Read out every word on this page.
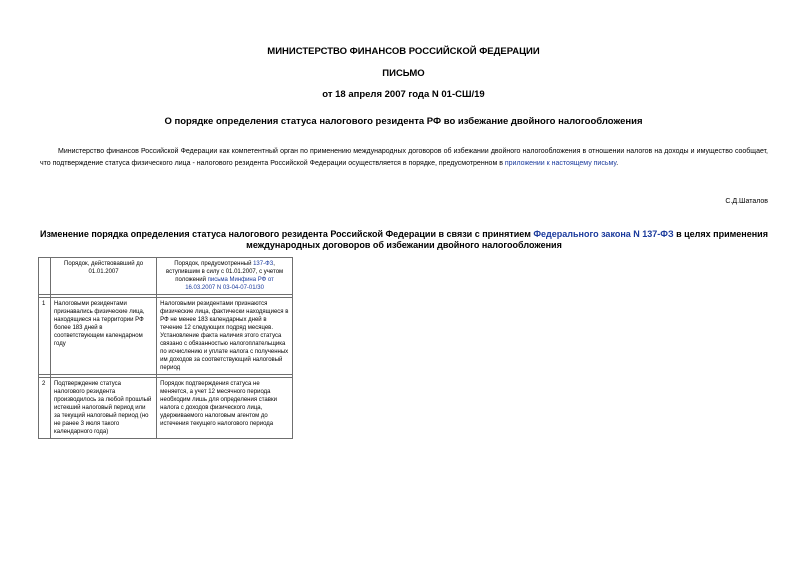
МИНИСТЕРСТВО ФИНАНСОВ РОССИЙСКОЙ ФЕДЕРАЦИИ
ПИСЬМО
от 18 апреля 2007 года N 01-СШ/19
О порядке определения статуса налогового резидента РФ во избежание двойного налогообложения
Министерство финансов Российской Федерации как компетентный орган по применению международных договоров об избежании двойного налогообложения в отношении налогов на доходы и имущество сообщает, что подтверждение статуса физического лица - налогового резидента Российской Федерации осуществляется в порядке, предусмотренном в приложении к настоящему письму.
С.Д.Шаталов
Изменение порядка определения статуса налогового резидента Российской Федерации в связи с принятием Федерального закона N 137-ФЗ в целях применения международных договоров об избежании двойного налогообложения
	Порядок, действовавший до 01.01.2007	Порядок, предусмотренный 137-ФЗ, вступившим в силу с 01.01.2007, с учетом положений письма Минфина РФ от 16.03.2007 N 03-04-07-01/30

1	Налоговыми резидентами признавались физические лица, находящиеся на территории РФ более 183 дней в соответствующем календарном году	Налоговыми резидентами признаются физические лица, фактически находящиеся в РФ не менее 183 календарных дней в течение 12 следующих подряд месяцев. Установление факта наличия этого статуса связано с обязанностью налогоплательщика по исчислению и уплате налога с полученных им доходов за соответствующий налоговый период

2	Подтверждение статуса налогового резидента производилось за любой прошлый истекший налоговый период или за текущий налоговый период (но не ранее 3 июля такого календарного года)	Порядок подтверждения статуса не меняется, а учет 12 месячного периода необходим лишь для определения ставки налога с доходов физического лица, удерживаемого налоговым агентом до истечения текущего налогового периода
